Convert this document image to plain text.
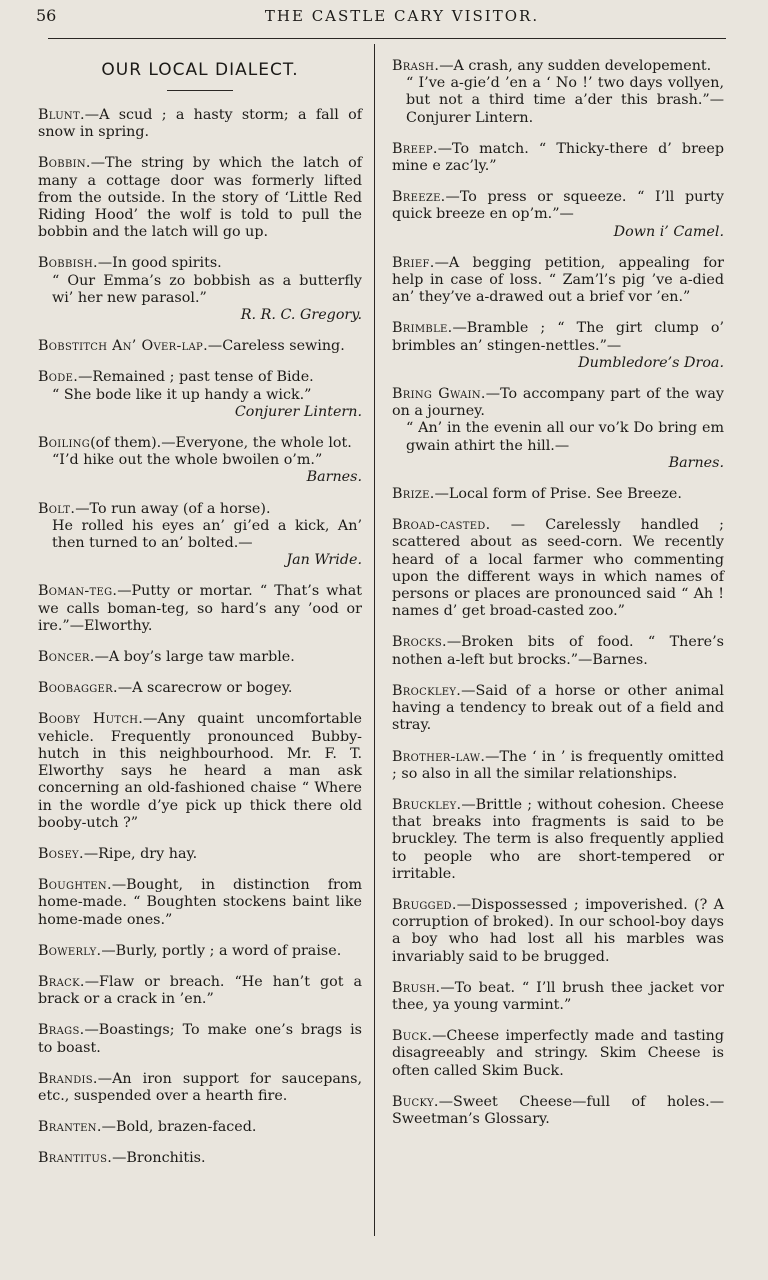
56	THE CASTLE CARY VISITOR.
OUR LOCAL DIALECT.
Blunt.—A scud ; a hasty storm; a fall of snow in spring.
Bobbin.—The string by which the latch of many a cottage door was formerly lifted from the outside. In the story of ‘Little Red Riding Hood’ the wolf is told to pull the bobbin and the latch will go up.
Bobbish.—In good spirits.
“ Our Emma’s zo bobbish as a butterfly wi’ her new parasol.”
R. R. C. Gregory.
Bobstitch An’ Over-lap.—Careless sewing.
Bode.—Remained ; past tense of Bide.
“ She bode like it up handy a wick.”
Conjurer Lintern.
Boiling(of them).—Everyone, the whole lot.
“I’d hike out the whole bwoilen o’m.”
Barnes.
Bolt.—To run away (of a horse).
He rolled his eyes an’ gi’ed a kick, An’ then turned to an’ bolted.—
Jan Wride.
Boman-teg.—Putty or mortar. “ That’s what we calls boman-teg, so hard’s any ’ood or ire.”—Elworthy.
Boncer.—A boy’s large taw marble.
Boobagger.—A scarecrow or bogey.
Booby Hutch.—Any quaint uncomfortable vehicle. Frequently pronounced Bubby-hutch in this neighbourhood. Mr. F. T. Elworthy says he heard a man ask concerning an old-fashioned chaise “ Where in the wordle d’ye pick up thick there old booby-utch ?”
Bosey.—Ripe, dry hay.
Boughten.—Bought, in distinction from home-made. “ Boughten stockens baint like home-made ones.”
Bowerly.—Burly, portly ; a word of praise.
Brack.—Flaw or breach. “He han’t got a brack or a crack in ’en.”
Brags.—Boastings; To make one’s brags is to boast.
Brandis.—An iron support for saucepans, etc., suspended over a hearth fire.
Branten.—Bold, brazen-faced.
Brantitus.—Bronchitis.
Brash.—A crash, any sudden developement.
“ I’ve a-gie’d ’en a ‘ No !’ two days vollyen, but not a third time a’der this brash.”—Conjurer Lintern.
Breep.—To match. “ Thicky-there d’ breep mine e zac’ly.”
Breeze.—To press or squeeze. “ I’ll purty quick breeze en op’m.”—
Down i’ Camel.
Brief.—A begging petition, appealing for help in case of loss. “ Zam’l’s pig ’ve a-died an’ they’ve a-drawed out a brief vor ’en.”
Brimble.—Bramble ; “ The girt clump o’ brimbles an’ stingen-nettles.”—
Dumbledore’s Droa.
Bring Gwain.—To accompany part of the way on a journey.
“ An’ in the evenin all our vo’k Do bring em gwain athirt the hill.—
Barnes.
Brize.—Local form of Prise. See Breeze.
Broad-casted. — Carelessly handled ; scattered about as seed-corn. We recently heard of a local farmer who commenting upon the different ways in which names of persons or places are pronounced said “ Ah ! names d’ get broad-casted zoo.”
Brocks.—Broken bits of food. “ There’s nothen a-left but brocks.”—Barnes.
Brockley.—Said of a horse or other animal having a tendency to break out of a field and stray.
Brother-law.—The ‘ in ’ is frequently omitted ; so also in all the similar relationships.
Bruckley.—Brittle ; without cohesion. Cheese that breaks into fragments is said to be bruckley. The term is also frequently applied to people who are short-tempered or irritable.
Brugged.—Dispossessed ; impoverished. (? A corruption of broked). In our school-boy days a boy who had lost all his marbles was invariably said to be brugged.
Brush.—To beat. “ I’ll brush thee jacket vor thee, ya young varmint.”
Buck.—Cheese imperfectly made and tasting disagreeably and stringy. Skim Cheese is often called Skim Buck.
Bucky.—Sweet Cheese—full of holes.— Sweetman’s Glossary.
